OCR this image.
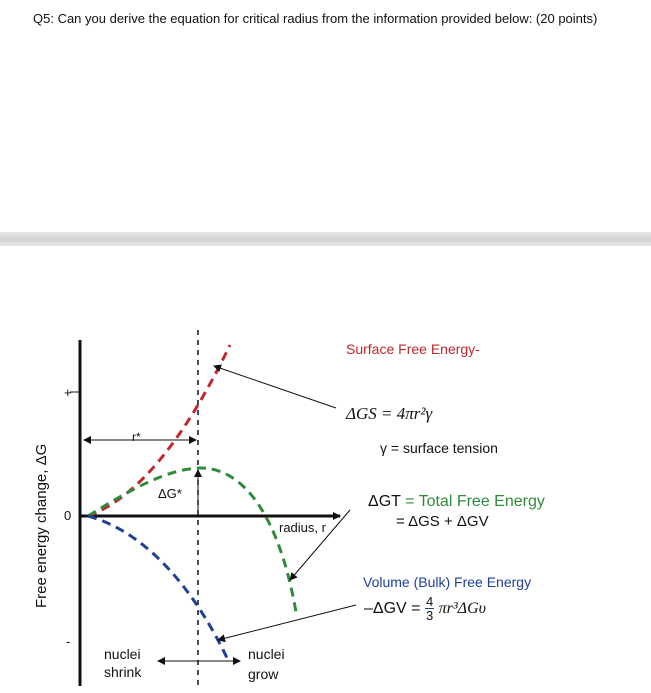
Q5: Can you derive the equation for critical radius from the information provided below: (20 points)
+
0
-
r*
ΔG*
radius, r
nuclei
shrink
nuclei
grow
Surface Free Energy-
ΔGS = 4πr²γ
γ = surface tension
ΔGT = Total Free Energy
= ΔGS + ΔGV
Volume (Bulk) Free Energy
$-\Delta GV = \frac{4}{3} \pi r^3\Delta G\upsilon$
Free energy change, ΔG
